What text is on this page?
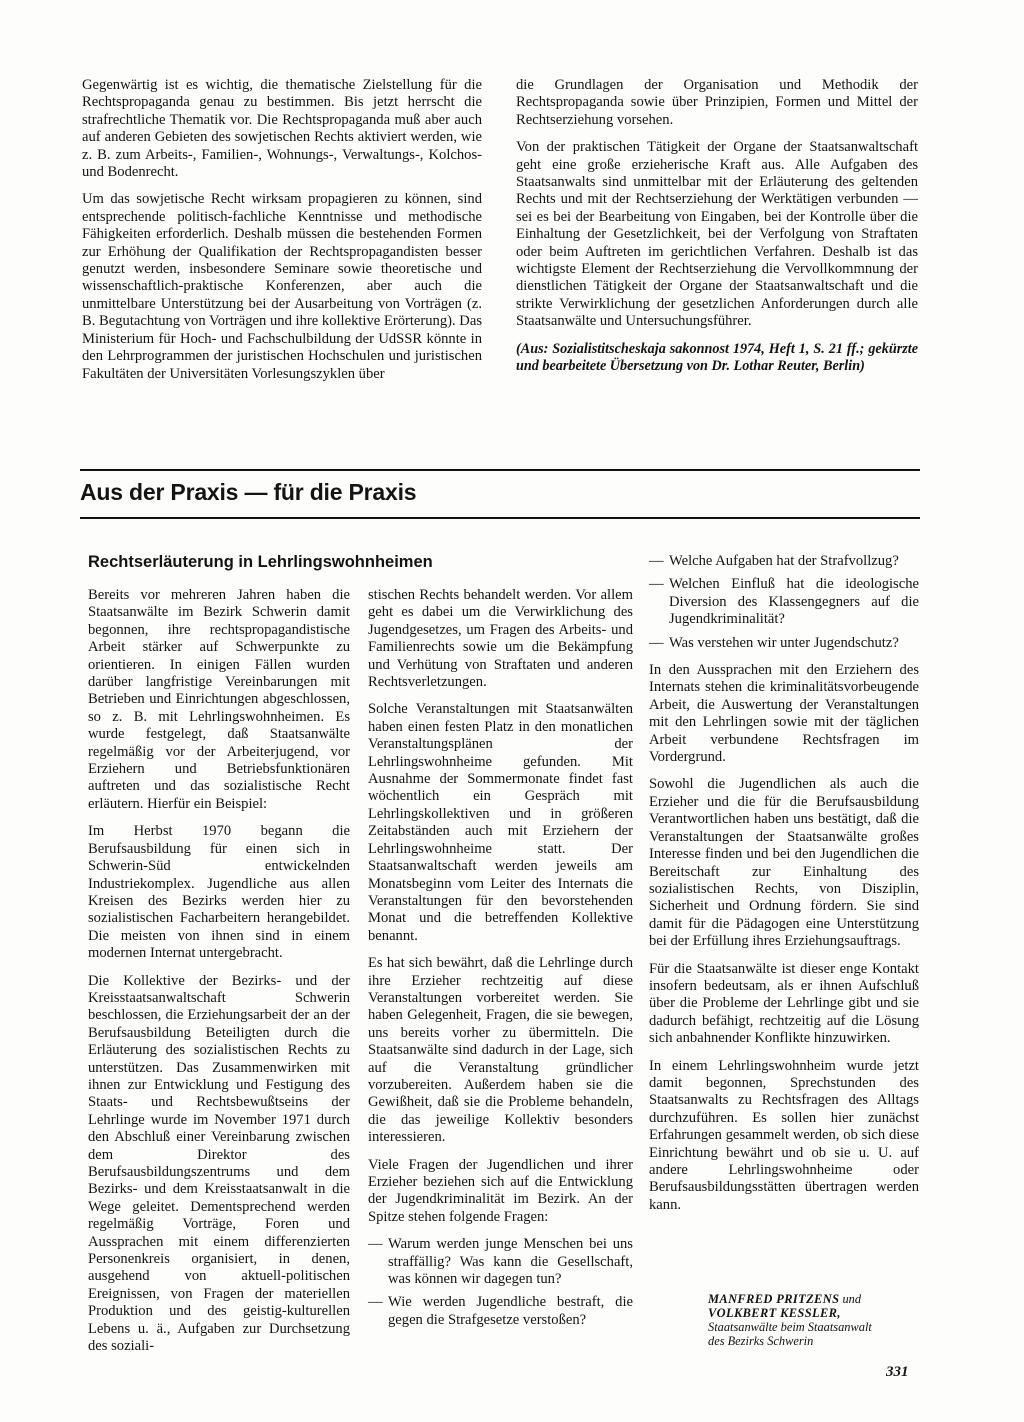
Gegenwärtig ist es wichtig, die thematische Zielstellung für die Rechtspropaganda genau zu bestimmen. Bis jetzt herrscht die strafrechtliche Thematik vor. Die Rechtspropaganda muß aber auch auf anderen Gebieten des sowjetischen Rechts aktiviert werden, wie z. B. zum Arbeits-, Familien-, Wohnungs-, Verwaltungs-, Kolchos- und Bodenrecht.

Um das sowjetische Recht wirksam propagieren zu können, sind entsprechende politisch-fachliche Kenntnisse und methodische Fähigkeiten erforderlich. Deshalb müssen die bestehenden Formen zur Erhöhung der Qualifikation der Rechtspropagandisten besser genutzt werden, insbesondere Seminare sowie theoretische und wissenschaftlich-praktische Konferenzen, aber auch die unmittelbare Unterstützung bei der Ausarbeitung von Vorträgen (z. B. Begutachtung von Vorträgen und ihre kollektive Erörterung). Das Ministerium für Hoch- und Fachschulbildung der UdSSR könnte in den Lehrprogrammen der juristischen Hochschulen und juristischen Fakultäten der Universitäten Vorlesungszyklen über

die Grundlagen der Organisation und Methodik der Rechtspropaganda sowie über Prinzipien, Formen und Mittel der Rechtserziehung vorsehen.

Von der praktischen Tätigkeit der Organe der Staatsanwaltschaft geht eine große erzieherische Kraft aus. Alle Aufgaben des Staatsanwalts sind unmittelbar mit der Erläuterung des geltenden Rechts und mit der Rechtserziehung der Werktätigen verbunden — sei es bei der Bearbeitung von Eingaben, bei der Kontrolle über die Einhaltung der Gesetzlichkeit, bei der Verfolgung von Straftaten oder beim Auftreten im gerichtlichen Verfahren. Deshalb ist das wichtigste Element der Rechtserziehung die Vervollkommnung der dienstlichen Tätigkeit der Organe der Staatsanwaltschaft und die strikte Verwirklichung der gesetzlichen Anforderungen durch alle Staatsanwälte und Untersuchungsführer.

(Aus: Sozialistitscheskaja sakonnost 1974, Heft 1, S. 21 ff.; gekürzte und bearbeitete Übersetzung von Dr. Lothar Reuter, Berlin)

Aus der Praxis — für die Praxis
Rechtserläuterung in Lehrlingswohnheimen

Bereits vor mehreren Jahren haben die Staatsanwälte im Bezirk Schwerin damit begonnen, ihre rechtspropagandistische Arbeit stärker auf Schwerpunkte zu orientieren. In einigen Fällen wurden darüber langfristige Vereinbarungen mit Betrieben und Einrichtungen abgeschlossen, so z. B. mit Lehrlingswohnheimen. Es wurde festgelegt, daß Staatsanwälte regelmäßig vor der Arbeiterjugend, vor Erziehern und Betriebsfunktionären auftreten und das sozialistische Recht erläutern. Hierfür ein Beispiel:

Im Herbst 1970 begann die Berufsausbildung für einen sich in Schwerin-Süd entwickelnden Industriekomplex. Jugendliche aus allen Kreisen des Bezirks werden hier zu sozialistischen Facharbeitern herangebildet. Die meisten von ihnen sind in einem modernen Internat untergebracht.

Die Kollektive der Bezirks- und der Kreisstaatsanwaltschaft Schwerin beschlossen, die Erziehungsarbeit der an der Berufsausbildung Beteiligten durch die Erläuterung des sozialistischen Rechts zu unterstützen. Das Zusammenwirken mit ihnen zur Entwicklung und Festigung des Staats- und Rechtsbewußtseins der Lehrlinge wurde im November 1971 durch den Abschluß einer Vereinbarung zwischen dem Direktor des Berufsausbildungszentrums und dem Bezirks- und dem Kreisstaatsanwalt in die Wege geleitet. Dementsprechend werden regelmäßig Vorträge, Foren und Aussprachen mit einem differenzierten Personenkreis organisiert, in denen, ausgehend von aktuell-politischen Ereignissen, von Fragen der materiellen Produktion und des geistig-kulturellen Lebens u. ä., Aufgaben zur Durchsetzung des soziali-

stischen Rechts behandelt werden. Vor allem geht es dabei um die Verwirklichung des Jugendgesetzes, um Fragen des Arbeits- und Familienrechts sowie um die Bekämpfung und Verhütung von Straftaten und anderen Rechtsverletzungen.

Solche Veranstaltungen mit Staatsanwälten haben einen festen Platz in den monatlichen Veranstaltungsplänen der Lehrlingswohnheime gefunden. Mit Ausnahme der Sommermonate findet fast wöchentlich ein Gespräch mit Lehrlingskollektiven und in größeren Zeitabständen auch mit Erziehern der Lehrlingswohnheime statt. Der Staatsanwaltschaft werden jeweils am Monatsbeginn vom Leiter des Internats die Veranstaltungen für den bevorstehenden Monat und die betreffenden Kollektive benannt.

Es hat sich bewährt, daß die Lehrlinge durch ihre Erzieher rechtzeitig auf diese Veranstaltungen vorbereitet werden. Sie haben Gelegenheit, Fragen, die sie bewegen, uns bereits vorher zu übermitteln. Die Staatsanwälte sind dadurch in der Lage, sich auf die Veranstaltung gründlicher vorzubereiten. Außerdem haben sie die Gewißheit, daß sie die Probleme behandeln, die das jeweilige Kollektiv besonders interessieren.

Viele Fragen der Jugendlichen und ihrer Erzieher beziehen sich auf die Entwicklung der Jugendkriminalität im Bezirk. An der Spitze stehen folgende Fragen:

— Warum werden junge Menschen bei uns straffällig? Was kann die Gesellschaft, was können wir dagegen tun?
— Wie werden Jugendliche bestraft, die gegen die Strafgesetze verstoßen?
— Welche Aufgaben hat der Strafvollzug?
— Welchen Einfluß hat die ideologische Diversion des Klassengegners auf die Jugendkriminalität?
— Was verstehen wir unter Jugendschutz?

In den Aussprachen mit den Erziehern des Internats stehen die kriminalitätsvorbeugende Arbeit, die Auswertung der Veranstaltungen mit den Lehrlingen sowie mit der täglichen Arbeit verbundene Rechtsfragen im Vordergrund.

Sowohl die Jugendlichen als auch die Erzieher und die für die Berufsausbildung Verantwortlichen haben uns bestätigt, daß die Veranstaltungen der Staatsanwälte großes Interesse finden und bei den Jugendlichen die Bereitschaft zur Einhaltung des sozialistischen Rechts, von Disziplin, Sicherheit und Ordnung fördern. Sie sind damit für die Pädagogen eine Unterstützung bei der Erfüllung ihres Erziehungsauftrags.

Für die Staatsanwälte ist dieser enge Kontakt insofern bedeutsam, als er ihnen Aufschluß über die Probleme der Lehrlinge gibt und sie dadurch befähigt, rechtzeitig auf die Lösung sich anbahnender Konflikte hinzuwirken.

In einem Lehrlingswohnheim wurde jetzt damit begonnen, Sprechstunden des Staatsanwalts zu Rechtsfragen des Alltags durchzuführen. Es sollen hier zunächst Erfahrungen gesammelt werden, ob sich diese Einrichtung bewährt und ob sie u. U. auf andere Lehrlingswohnheime oder Berufsausbildungsstätten übertragen werden kann.

MANFRED PRITZENS und
VOLKBERT KESSLER,
Staatsanwälte beim Staatsanwalt
des Bezirks Schwerin
331
